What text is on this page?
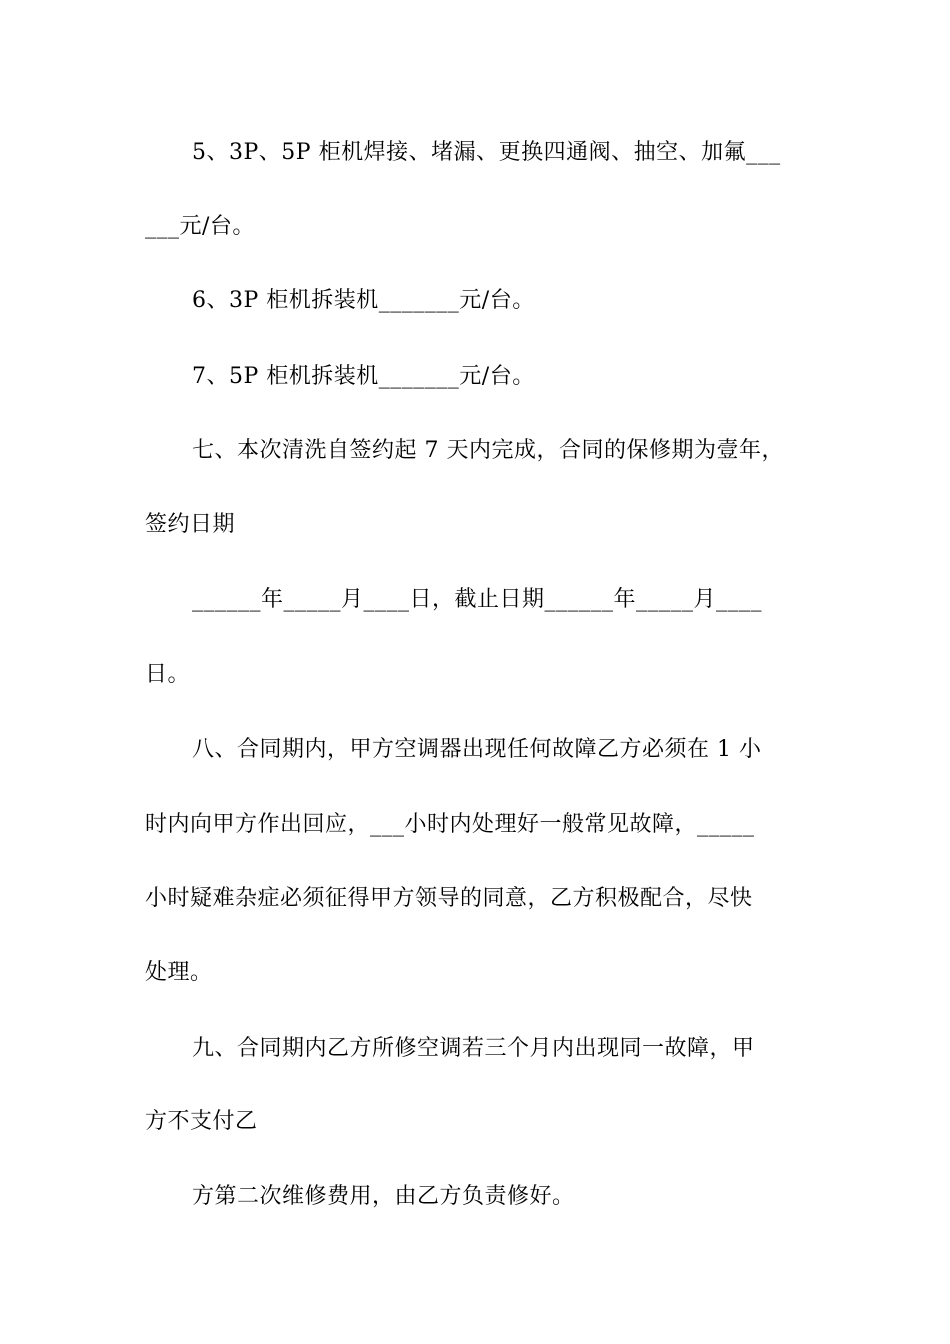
5、3P、5P 柜机焊接、堵漏、更换四通阀、抽空、加氟___
___元/台。
6、3P 柜机拆装机_______元/台。
7、5P 柜机拆装机_______元/台。
七、本次清洗自签约起 7 天内完成，合同的保修期为壹年，
签约日期
______年_____月____日，截止日期______年_____月____
日。
八、合同期内，甲方空调器出现任何故障乙方必须在 1 小
时内向甲方作出回应，___小时内处理好一般常见故障，_____
小时疑难杂症必须征得甲方领导的同意，乙方积极配合，尽快
处理。
九、合同期内乙方所修空调若三个月内出现同一故障，甲
方不支付乙
方第二次维修费用，由乙方负责修好。
